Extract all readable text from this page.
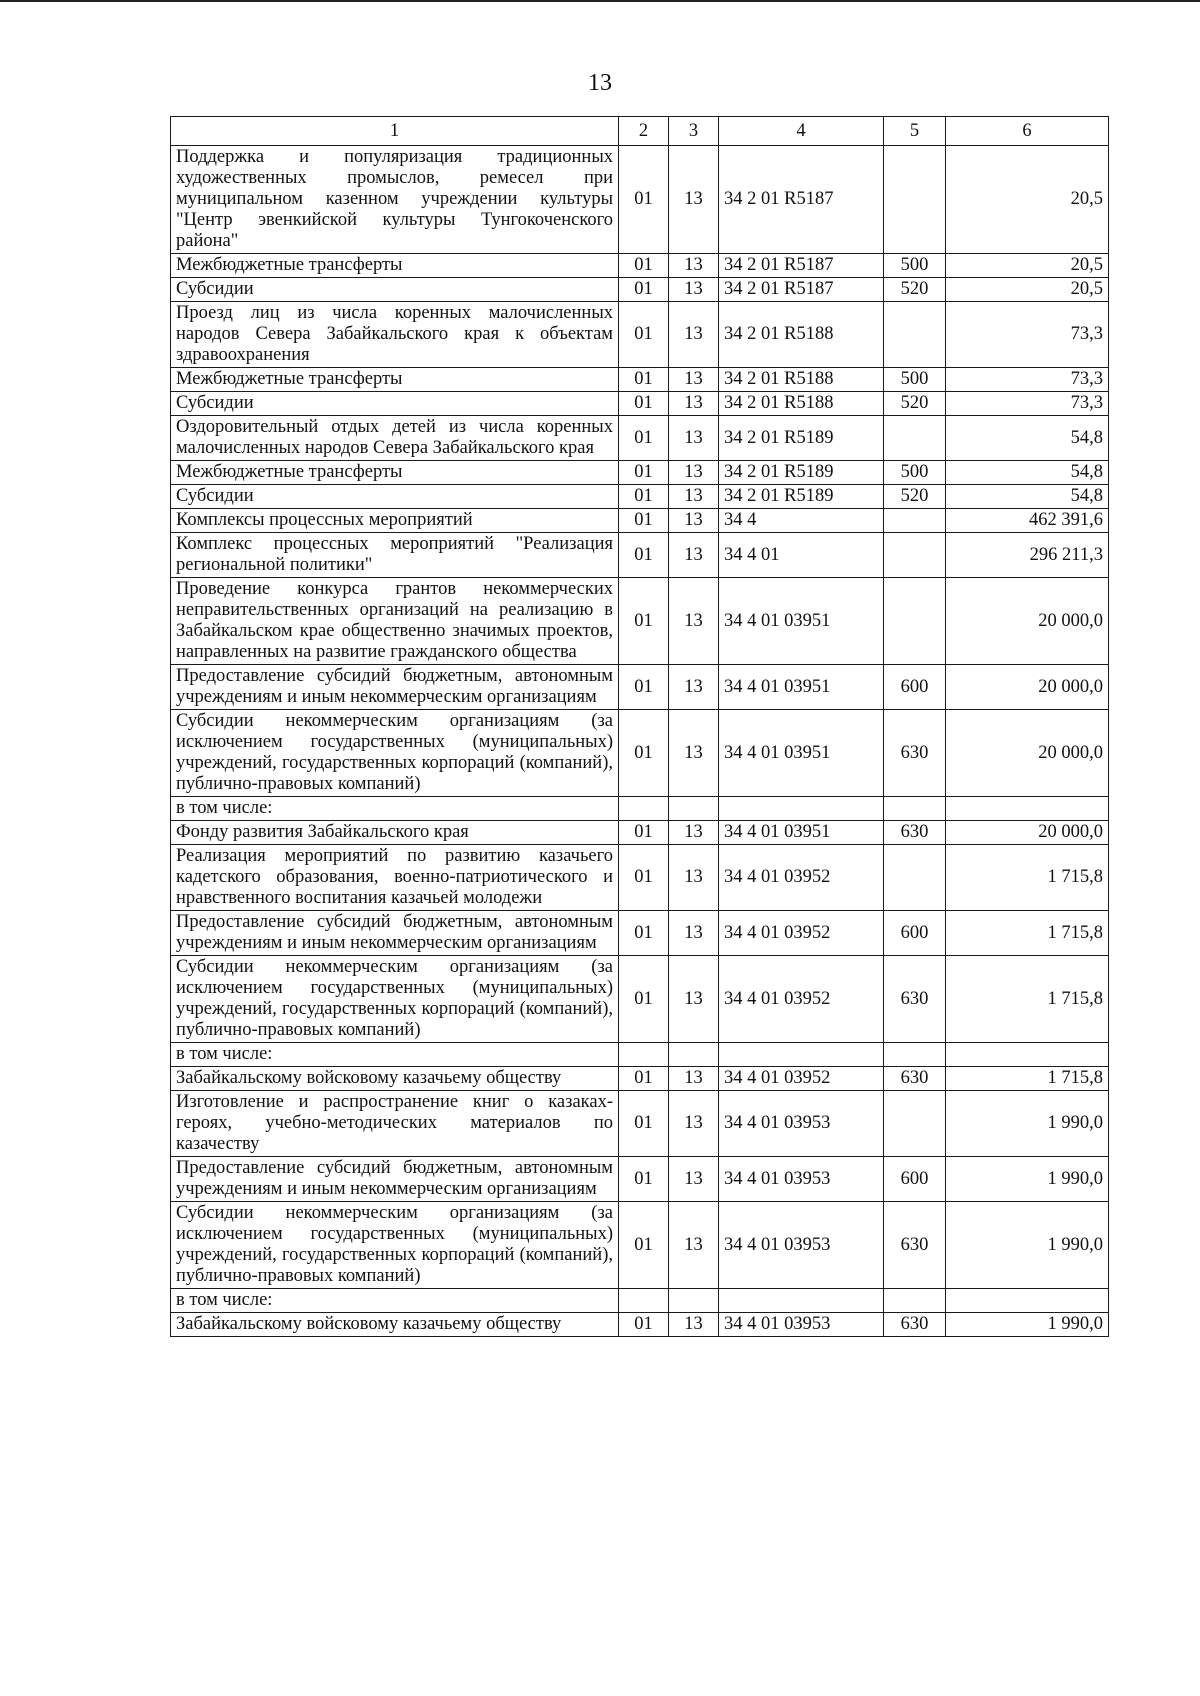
13
1	2	3	4	5	6
Поддержка и популяризация традиционных художественных промыслов, ремесел при муниципальном казенном учреждении культуры "Центр эвенкийской культуры Тунгокоченского района"	01	13	34 2 01 R5187		20,5
Межбюджетные трансферты	01	13	34 2 01 R5187	500	20,5
Субсидии	01	13	34 2 01 R5187	520	20,5
Проезд лиц из числа коренных малочисленных народов Севера Забайкальского края к объектам здравоохранения	01	13	34 2 01 R5188		73,3
Межбюджетные трансферты	01	13	34 2 01 R5188	500	73,3
Субсидии	01	13	34 2 01 R5188	520	73,3
Оздоровительный отдых детей из числа коренных малочисленных народов Севера Забайкальского края	01	13	34 2 01 R5189		54,8
Межбюджетные трансферты	01	13	34 2 01 R5189	500	54,8
Субсидии	01	13	34 2 01 R5189	520	54,8
Комплексы процессных мероприятий	01	13	34 4		462 391,6
Комплекс процессных мероприятий "Реализация региональной политики"	01	13	34 4 01		296 211,3
Проведение конкурса грантов некоммерческих неправительственных организаций на реализацию в Забайкальском крае общественно значимых проектов, направленных на развитие гражданского общества	01	13	34 4 01 03951		20 000,0
Предоставление субсидий бюджетным, автономным учреждениям и иным некоммерческим организациям	01	13	34 4 01 03951	600	20 000,0
Субсидии некоммерческим организациям (за исключением государственных (муниципальных) учреждений, государственных корпораций (компаний), публично-правовых компаний)	01	13	34 4 01 03951	630	20 000,0
в том числе:					
Фонду развития Забайкальского края	01	13	34 4 01 03951	630	20 000,0
Реализация мероприятий по развитию казачьего кадетского образования, военно-патриотического и нравственного воспитания казачьей молодежи	01	13	34 4 01 03952		1 715,8
Предоставление субсидий бюджетным, автономным учреждениям и иным некоммерческим организациям	01	13	34 4 01 03952	600	1 715,8
Субсидии некоммерческим организациям (за исключением государственных (муниципальных) учреждений, государственных корпораций (компаний), публично-правовых компаний)	01	13	34 4 01 03952	630	1 715,8
в том числе:					
Забайкальскому войсковому казачьему обществу	01	13	34 4 01 03952	630	1 715,8
Изготовление и распространение книг о казаках-героях, учебно-методических материалов по казачеству	01	13	34 4 01 03953		1 990,0
Предоставление субсидий бюджетным, автономным учреждениям и иным некоммерческим организациям	01	13	34 4 01 03953	600	1 990,0
Субсидии некоммерческим организациям (за исключением государственных (муниципальных) учреждений, государственных корпораций (компаний), публично-правовых компаний)	01	13	34 4 01 03953	630	1 990,0
в том числе:					
Забайкальскому войсковому казачьему обществу	01	13	34 4 01 03953	630	1 990,0
